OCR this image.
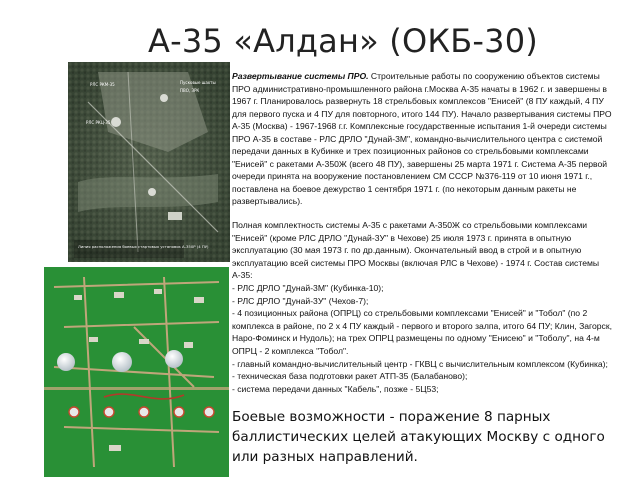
А-35 «Алдан» (ОКБ-30)
РЛС РКМ-35
РЛС РКЦ-35
Пусковые шахты
ПВО, ЗРК
Линия расположения боевых стартовых установок А-350Р (4 ПУ)
Развертывание системы ПРО. Строительные работы по сооружению объектов системы ПРО административно-промышленного района г.Москва А-35 начаты в 1962 г. и завершены в 1967 г. Планировалось развернуть 18 стрельбовых комплексов "Енисей" (8 ПУ каждый, 4 ПУ для первого пуска и 4 ПУ для повторного, итого 144 ПУ). Начало развертывания системы ПРО А-35 (Москва) - 1967-1968 г.г. Комплексные государственные испытания 1-й очереди системы ПРО А-35 в составе - РЛС ДРЛО "Дунай-3М", командно-вычислительного центра с системой передачи данных в Кубинке и трех позиционных районов со стрельбовыми комплексами "Енисей" с ракетами А-350Ж (всего 48 ПУ), завершены 25 марта 1971 г. Система А-35 первой очереди принята на вооружение постановлением СМ СССР №376-119 от 10 июня 1971 г., поставлена на боевое дежурство 1 сентября 1971 г. (по некоторым данным ракеты не развертывались).
Полная комплектность системы А-35 с ракетами А-350Ж со стрельбовыми комплексами "Енисей" (кроме РЛС ДРЛО "Дунай-3У" в Чехове) 25 июля 1973 г. принята в опытную эксплуатацию (30 мая 1973 г. по др.данным). Окончательный ввод в строй и в опытную эксплуатацию всей системы ПРО Москвы (включая РЛС в Чехове) - 1974 г. Состав системы А-35:
- РЛС ДРЛО "Дунай-3М" (Кубинка-10);
- РЛС ДРЛО "Дунай-3У" (Чехов-7);
- 4 позиционных района (ОПРЦ) со стрельбовыми комплексами "Енисей" и "Тобол" (по 2 комплекса в районе, по 2 х 4 ПУ каждый - первого и второго залпа, итого 64 ПУ; Клин, Загорск, Наро-Фоминск и Нудоль); на трех ОПРЦ размещены по одному "Енисею" и "Тоболу", на 4-м ОПРЦ - 2 комплекса "Тобол".
- главный командно-вычислительный центр - ГКВЦ с вычислительным комплексом (Кубинка);
- техническая база подготовки ракет АТП-35 (Балабаново);
- система передачи данных "Кабель", позже - 5Ц53;
Боевые возможности - поражение 8 парных баллистических целей атакующих Москву с одного или разных направлений.
